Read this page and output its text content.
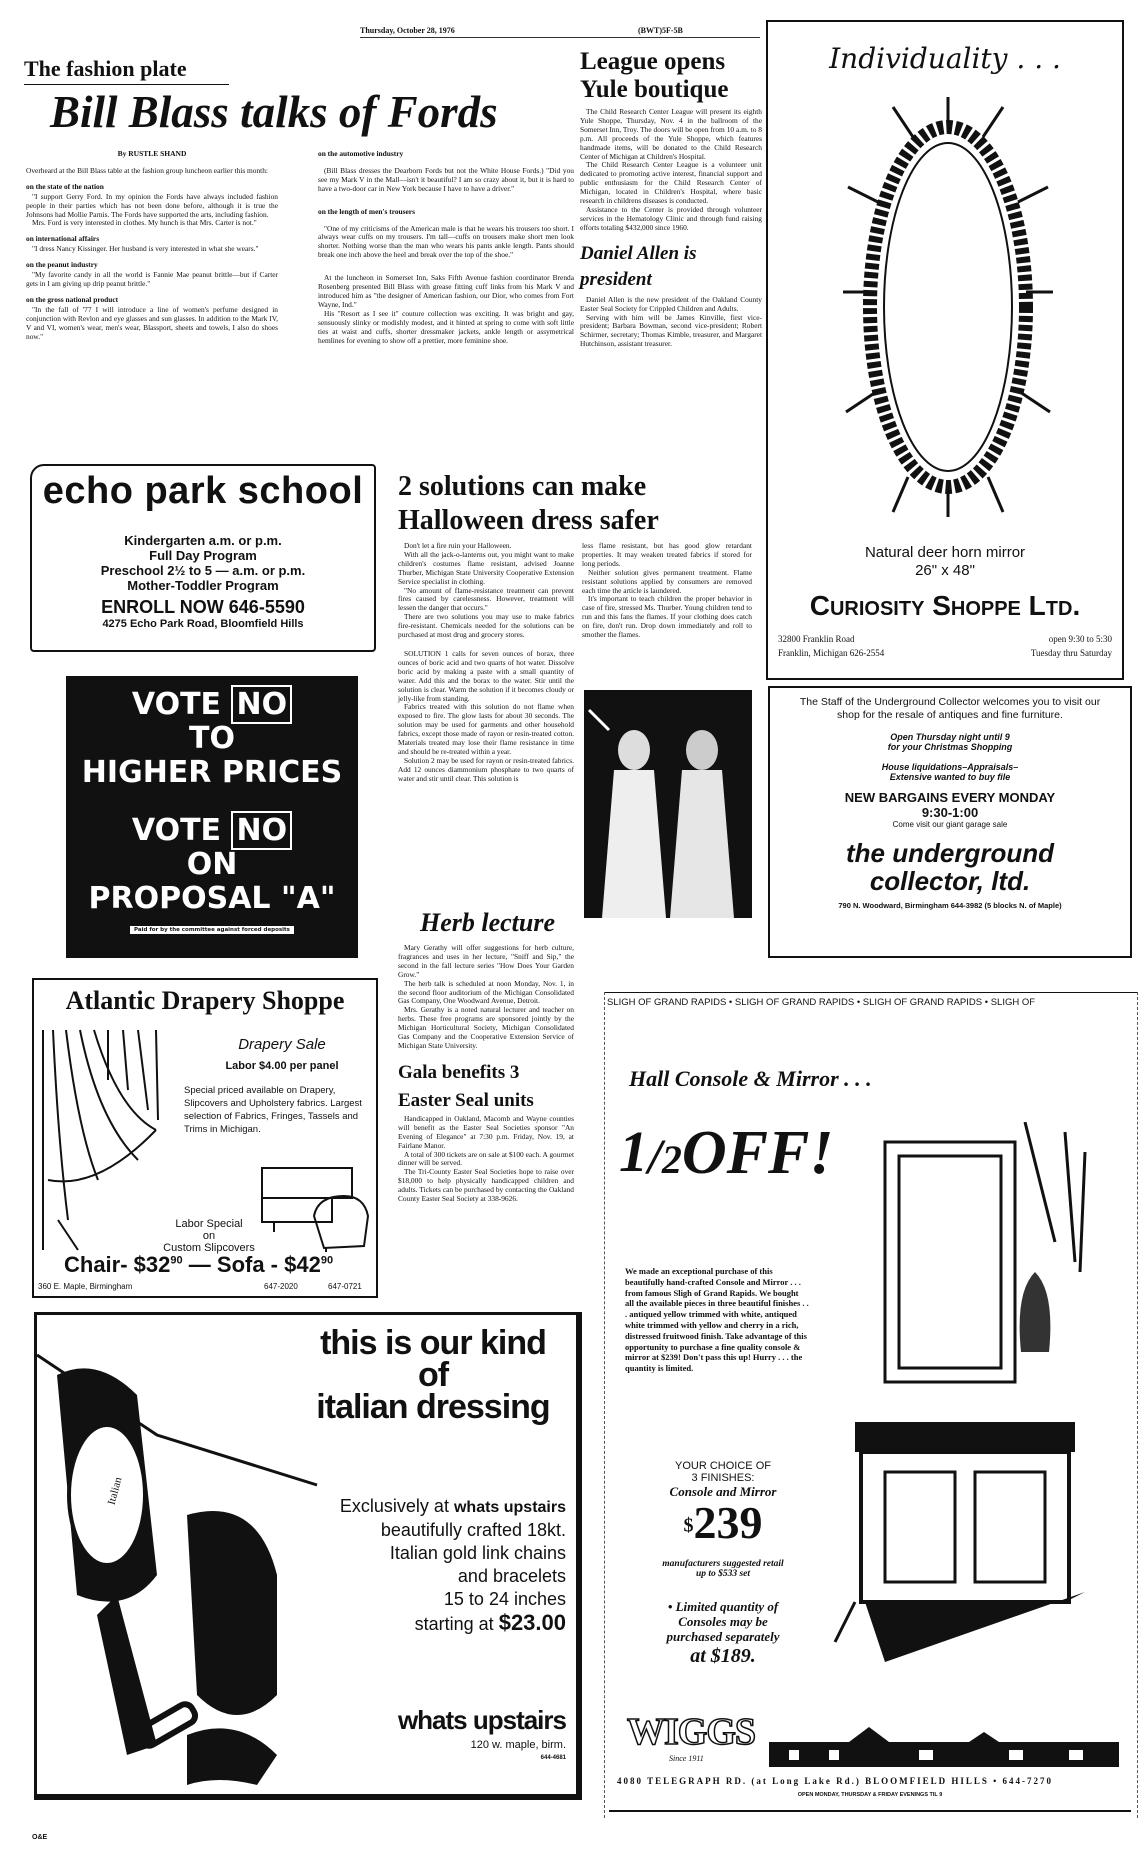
Thursday, October 28, 1976	(BWT)5F-5B
The fashion plate
Bill Blass talks of Fords
By RUSTLE SHAND
Overheard at the Bill Blass table at the fashion group luncheon earlier this month:
on the state of the nation
"I support Gerry Ford. In my opinion the Fords have always included fashion people in their parties which has not been done before, although it is true the Johnsons had Mollie Parnis. The Fords have supported the arts, including fashion.
Mrs. Ford is very interested in clothes. My hunch is that Mrs. Carter is not."
on international affairs
"I dress Nancy Kissinger. Her husband is very interested in what she wears."
on the peanut industry
"My favorite candy in all the world is Fannie Mae peanut brittle—but if Carter gets in I am giving up drip peanut brittle."
on the gross national product
"In the fall of '77 I will introduce a line of women's perfume designed in conjunction with Revlon and eye glasses and sun glasses. In addition to the Mark IV, V and VI, women's wear, men's wear, Blassport, sheets and towels, I also do shoes now."
on the automotive industry
(Bill Blass dresses the Dearborn Fords but not the White House Fords.) "Did you see my Mark V in the Mall—isn't it beautiful? I am so crazy about it, but it is hard to have a two-door car in New York because I have to have a driver."
on the length of men's trousers
"One of my criticisms of the American male is that he wears his trousers too short. I always wear cuffs on my trousers. I'm tall—cuffs on trousers make short men look shorter. Nothing worse than the man who wears his pants ankle length. Pants should break one inch above the heel and break over the top of the shoe."
At the luncheon in Somerset Inn, Saks Fifth Avenue fashion coordinator Brenda Rosenberg presented Bill Blass with grease fitting cuff links from his Mark V and introduced him as "the designer of American fashion, our Dior, who comes from Fort Wayne, Ind."
His "Resort as I see it" couture collection was exciting. It was bright and gay, sensuously slinky or modishly modest, and it hinted at spring to come with soft little ties at waist and cuffs, shorter dressmaker jackets, ankle length or assymetrical hemlines for evening to show off a prettier, more feminine shoe.
League opens Yule boutique
The Child Research Center League will present its eighth Yule Shoppe, Thursday, Nov. 4 in the ballroom of the Somerset Inn, Troy. The doors will be open from 10 a.m. to 8 p.m. All proceeds of the Yule Shoppe, which features handmade items, will be donated to the Child Research Center of Michigan at Children's Hospital.
The Child Research Center League is a volunteer unit dedicated to promoting active interest, financial support and public enthusiasm for the Child Research Center of Michigan, located in Children's Hospital, where basic research in childrens diseases is conducted.
Assistance to the Center is provided through volunteer services in the Hematology Clinic and through fund raising efforts totaling $432,000 since 1960.
Daniel Allen is president
Daniel Allen is the new president of the Oakland County Easter Seal Society for Crippled Children and Adults.
Serving with him will be James Kinville, first vice-president; Barbara Bowman, second vice-president; Robert Schirmer, secretary; Thomas Kimble, treasurer, and Margaret Hutchinson, assistant treasurer.
Individuality . . .
Natural deer horn mirror
26" x 48"
Curiosity Shoppe Ltd.
32800 Franklin Road
Franklin, Michigan 626-2554
open 9:30 to 5:30
Tuesday thru Saturday
echo park school
Kindergarten a.m. or p.m.
Full Day Program
Preschool 2½ to 5 — a.m. or p.m.
Mother-Toddler Program
ENROLL NOW 646-5590
4275 Echo Park Road, Bloomfield Hills
2 solutions can make Halloween dress safer
Don't let a fire ruin your Halloween.
With all the jack-o-lanterns out, you might want to make children's costumes flame resistant, advised Joanne Thurber, Michigan State University Cooperative Extension Service specialist in clothing.
"No amount of flame-resistance treatment can prevent fires caused by carelessness. However, treatment will lessen the danger that occurs."
There are two solutions you may use to make fabrics fire-resistant. Chemicals needed for the solutions can be purchased at most drug and grocery stores.
SOLUTION 1 calls for seven ounces of borax, three ounces of boric acid and two quarts of hot water. Dissolve boric acid by making a paste with a small quantity of water. Add this and the borax to the water. Stir until the solution is clear. Warm the solution if it becomes cloudy or jelly-like from standing.
Fabrics treated with this solution do not flame when exposed to fire. The glow lasts for about 30 seconds. The solution may be used for garments and other household fabrics, except those made of rayon or resin-treated cotton. Materials treated may lose their flame resistance in time and should be re-treated within a year.
Solution 2 may be used for rayon or resin-treated fabrics. Add 12 ounces diammonium phosphate to two quarts of water and stir until clear. This solution is
less flame resistant, but has good glow retardant properties. It may weaken treated fabrics if stored for long periods.
Neither solution gives permanent treatment. Flame resistant solutions applied by consumers are removed each time the article is laundered.
It's important to teach children the proper behavior in case of fire, stressed Ms. Thurber. Young children tend to run and this fans the flames. If your clothing does catch on fire, don't run. Drop down immediately and roll to smother the flames.
Herb lecture
Mary Gerathy will offer suggestions for herb culture, fragrances and uses in her lecture, "Sniff and Sip," the second in the fall lecture series "How Does Your Garden Grow."
The herb talk is scheduled at noon Monday, Nov. 1, in the second floor auditorium of the Michigan Consolidated Gas Company, One Woodward Avenue, Detroit.
Mrs. Gerathy is a noted natural lecturer and teacher on herbs. These free programs are sponsored jointly by the Michigan Horticultural Society, Michigan Consolidated Gas Company and the Cooperative Extension Service of Michigan State University.
Gala benefits 3 Easter Seal units
Handicapped in Oakland, Macomb and Wayne counties will benefit as the Easter Seal Societies sponsor "An Evening of Elegance" at 7:30 p.m. Friday, Nov. 19, at Fairlane Manor.
A total of 300 tickets are on sale at $100 each. A gourmet dinner will be served.
The Tri-County Easter Seal Societies hope to raise over $18,000 to help physically handicapped children and adults. Tickets can be purchased by contacting the Oakland County Easter Seal Society at 338-9626.
VOTE NO
TO
HIGHER PRICES
VOTE NO
ON
PROPOSAL "A"
Paid for by the committee against forced deposits
The Staff of the Underground Collector welcomes you to visit our shop for the resale of antiques and fine furniture.
Open Thursday night until 9
for your Christmas Shopping
House liquidations–Appraisals–
Extensive wanted to buy file
NEW BARGAINS EVERY MONDAY
9:30-1:00
Come visit our giant garage sale
the underground
collector, ltd.
790 N. Woodward, Birmingham 644-3982 (5 blocks N. of Maple)
Atlantic Drapery Shoppe
Drapery Sale
Labor $4.00 per panel
Special priced available on Drapery, Slipcovers and Upholstery fabrics. Largest selection of Fabrics, Fringes, Tassels and Trims in Michigan.
Labor Special
on
Custom Slipcovers
Chair- $\$32^{90}$ — Sofa - $\$42^{90}$
360 E. Maple, Birmingham	647-2020	647-0721
Italian
Wish Bone
this is our kind
of
italian dressing
Exclusively at whats upstairs
beautifully crafted 18kt.
Italian gold link chains
and bracelets
15 to 24 inches
starting at $23.00
whats upstairs
120 w. maple, birm.
644-4681
SLIGH OF GRAND RAPIDS • SLIGH OF GRAND RAPIDS • SLIGH OF GRAND RAPIDS • SLIGH OF
Hall Console & Mirror . . .
1/2OFF!
We made an exceptional purchase of this beautifully hand-crafted Console and Mirror . . . from famous Sligh of Grand Rapids. We bought all the available pieces in three beautiful finishes . . . antiqued yellow trimmed with white, antiqued white trimmed with yellow and cherry in a rich, distressed fruitwood finish. Take advantage of this opportunity to purchase a fine quality console & mirror at $239! Don't pass this up! Hurry . . . the quantity is limited.
YOUR CHOICE OF
3 FINISHES:
Console and Mirror
$239
manufacturers suggested retail
up to $533 set
• Limited quantity of
Consoles may be
purchased separately
at $189.
WIGGS
Since 1911
4080 TELEGRAPH RD. (at Long Lake Rd.) BLOOMFIELD HILLS • 644-7270
OPEN MONDAY, THURSDAY & FRIDAY EVENINGS TIL 9
O&E
